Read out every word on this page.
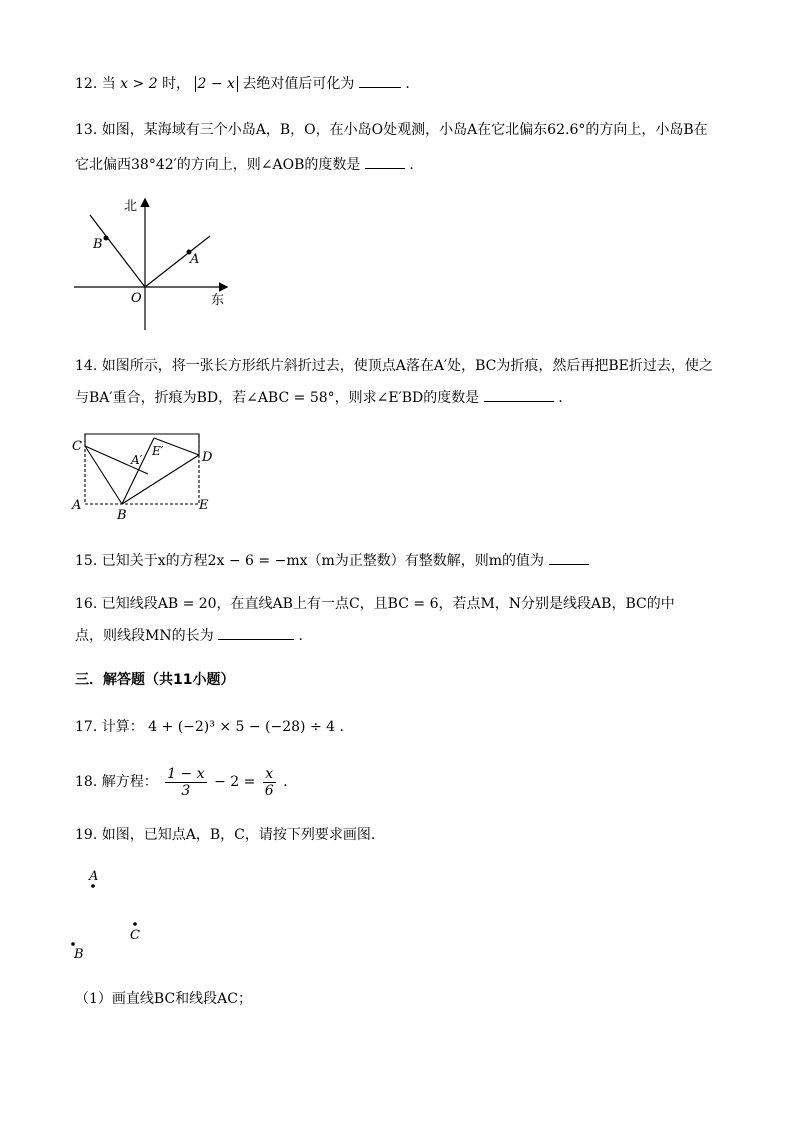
12. 当 x > 2 时， 2 − x 去绝对值后可化为	.
13. 如图，某海域有三个小岛A，B，O，在小岛O处观测，小岛A在它北偏东62.6°的方向上，小岛B在
它北偏西38°42′的方向上，则∠AOB的度数是	.
北
东
O
A
B
14. 如图所示，将一张长方形纸片斜折过去，使顶点A落在A′处，BC为折痕，然后再把BE折过去，使之
与BA′重合，折痕为BD，若∠ABC = 58°，则求∠E′BD的度数是	.
C
A′
E′	D
A
B
E
15. 已知关于x的方程2x − 6 = −mx（m为正整数）有整数解，则m的值为
16. 已知线段AB = 20，在直线AB上有一点C，且BC = 6，若点M，N分别是线段AB，BC的中
点，则线段MN的长为	.
三．解答题（共11小题）
17. 计算： 4 + (−2)³ × 5 − (−28) ÷ 4 .
18. 解方程： $\frac{1 - x}{3} - 2 = \frac{x}{6}$ .
19. 如图，已知点A，B，C，请按下列要求画图.
A
C
B
（1）画直线BC和线段AC；
